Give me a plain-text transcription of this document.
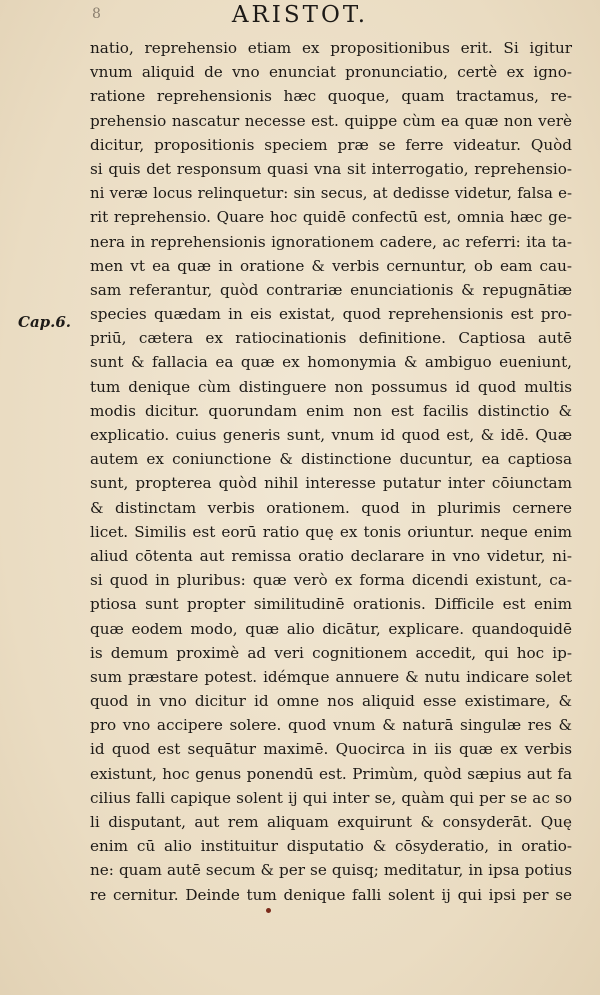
8	ARISTOT.
Cap.6.
natio, reprehensio etiam ex propositionibus erit. Si igitur
vnum aliquid de vno enunciat pronunciatio, certè ex igno-
ratione reprehensionis hæc quoque, quam tractamus, re-
prehensio nascatur necesse est. quippe cùm ea quæ non verè
dicitur, propositionis speciem præ se ferre videatur. Quòd
si quis det responsum quasi vna sit interrogatio, reprehensio-
ni veræ locus relinquetur: sin secus, at dedisse videtur, falsa e-
rit reprehensio. Quare hoc quidē confectū est, omnia hæc ge-
nera in reprehensionis ignorationem cadere, ac referri: ita ta-
men vt ea quæ in oratione & verbis cernuntur, ob eam cau-
sam referantur, quòd contrariæ enunciationis & repugnātiæ
species quædam in eis existat, quod reprehensionis est pro-
priū, cætera ex ratiocinationis definitione. Captiosa autē
sunt & fallacia ea quæ ex homonymia & ambiguo eueniunt,
tum denique cùm distinguere non possumus id quod multis
modis dicitur. quorundam enim non est facilis distinctio &
explicatio. cuius generis sunt, vnum id quod est, & idē. Quæ
autem ex coniunctione & distinctione ducuntur, ea captiosa
sunt, propterea quòd nihil interesse putatur inter cōiunctam
& distinctam verbis orationem. quod in plurimis cernere
licet. Similis est eorū ratio quę ex tonis oriuntur. neque enim
aliud cōtenta aut remissa oratio declarare in vno videtur, ni-
si quod in pluribus: quæ verò ex forma dicendi existunt, ca-
ptiosa sunt propter similitudinē orationis. Difficile est enim
quæ eodem modo, quæ alio dicātur, explicare. quandoquidē
is demum proximè ad veri cognitionem accedit, qui hoc ip-
sum præstare potest. idémque annuere & nutu indicare solet
quod in vno dicitur id omne nos aliquid esse existimare, &
pro vno accipere solere. quod vnum & naturā singulæ res &
id quod est sequātur maximē. Quocirca in iis quæ ex verbis
existunt, hoc genus ponendū est. Primùm, quòd sæpius aut fa
cilius falli capique solent ij qui inter se, quàm qui per se ac so
li disputant, aut rem aliquam exquirunt & consyderāt. Quę
enim cū alio instituitur disputatio & cōsyderatio, in oratio-
ne: quam autē secum & per se quisq; meditatur, in ipsa potius
re cernitur. Deinde tum denique falli solent ij qui ipsi per se
